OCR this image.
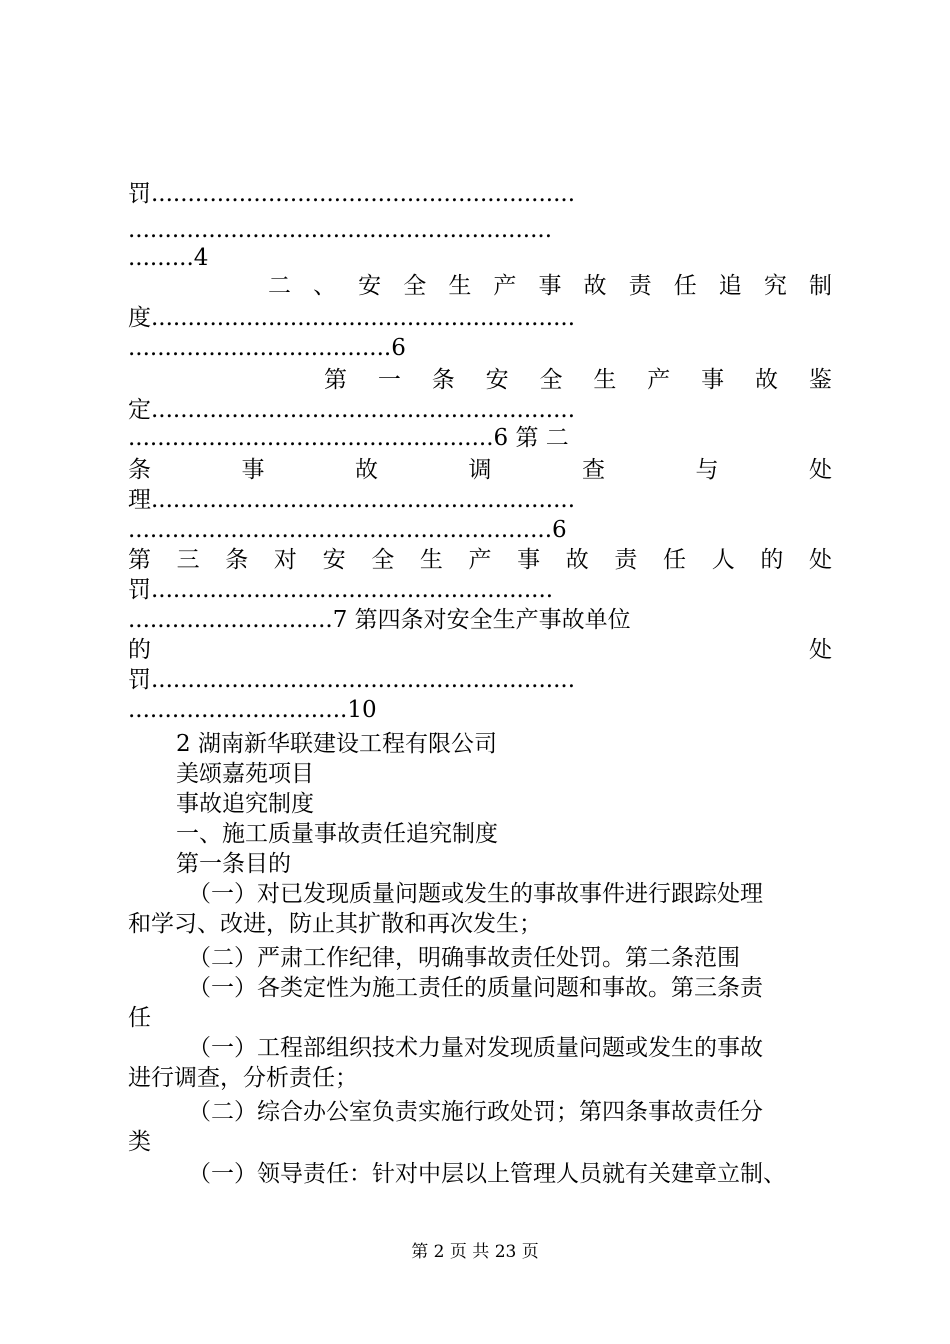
罚..........................................................
..........................................................
.........4
二 、 安 全 生 产 事 故 责 任 追 究 制
度..........................................................
....................................6
第 一 条 安 全 生 产 事 故 鉴
定..........................................................
..................................................6 第 二
条	事	故	调	查	与	处
理..........................................................
..........................................................6
第 三 条 对 安 全 生 产 事 故 责 任 人 的 处
罚.......................................................
............................7 第四条对安全生产事故单位
的	处
罚..........................................................
..............................10
2 湖南新华联建设工程有限公司
美颂嘉苑项目
事故追究制度
一、施工质量事故责任追究制度
第一条目的
（一）对已发现质量问题或发生的事故事件进行跟踪处理
和学习、改进，防止其扩散和再次发生；
（二）严肃工作纪律，明确事故责任处罚。第二条范围
（一）各类定性为施工责任的质量问题和事故。第三条责
任
（一）工程部组织技术力量对发现质量问题或发生的事故
进行调查，分析责任；
（二）综合办公室负责实施行政处罚；第四条事故责任分
类
（一）领导责任：针对中层以上管理人员就有关建章立制、
第 2 页 共 23 页
